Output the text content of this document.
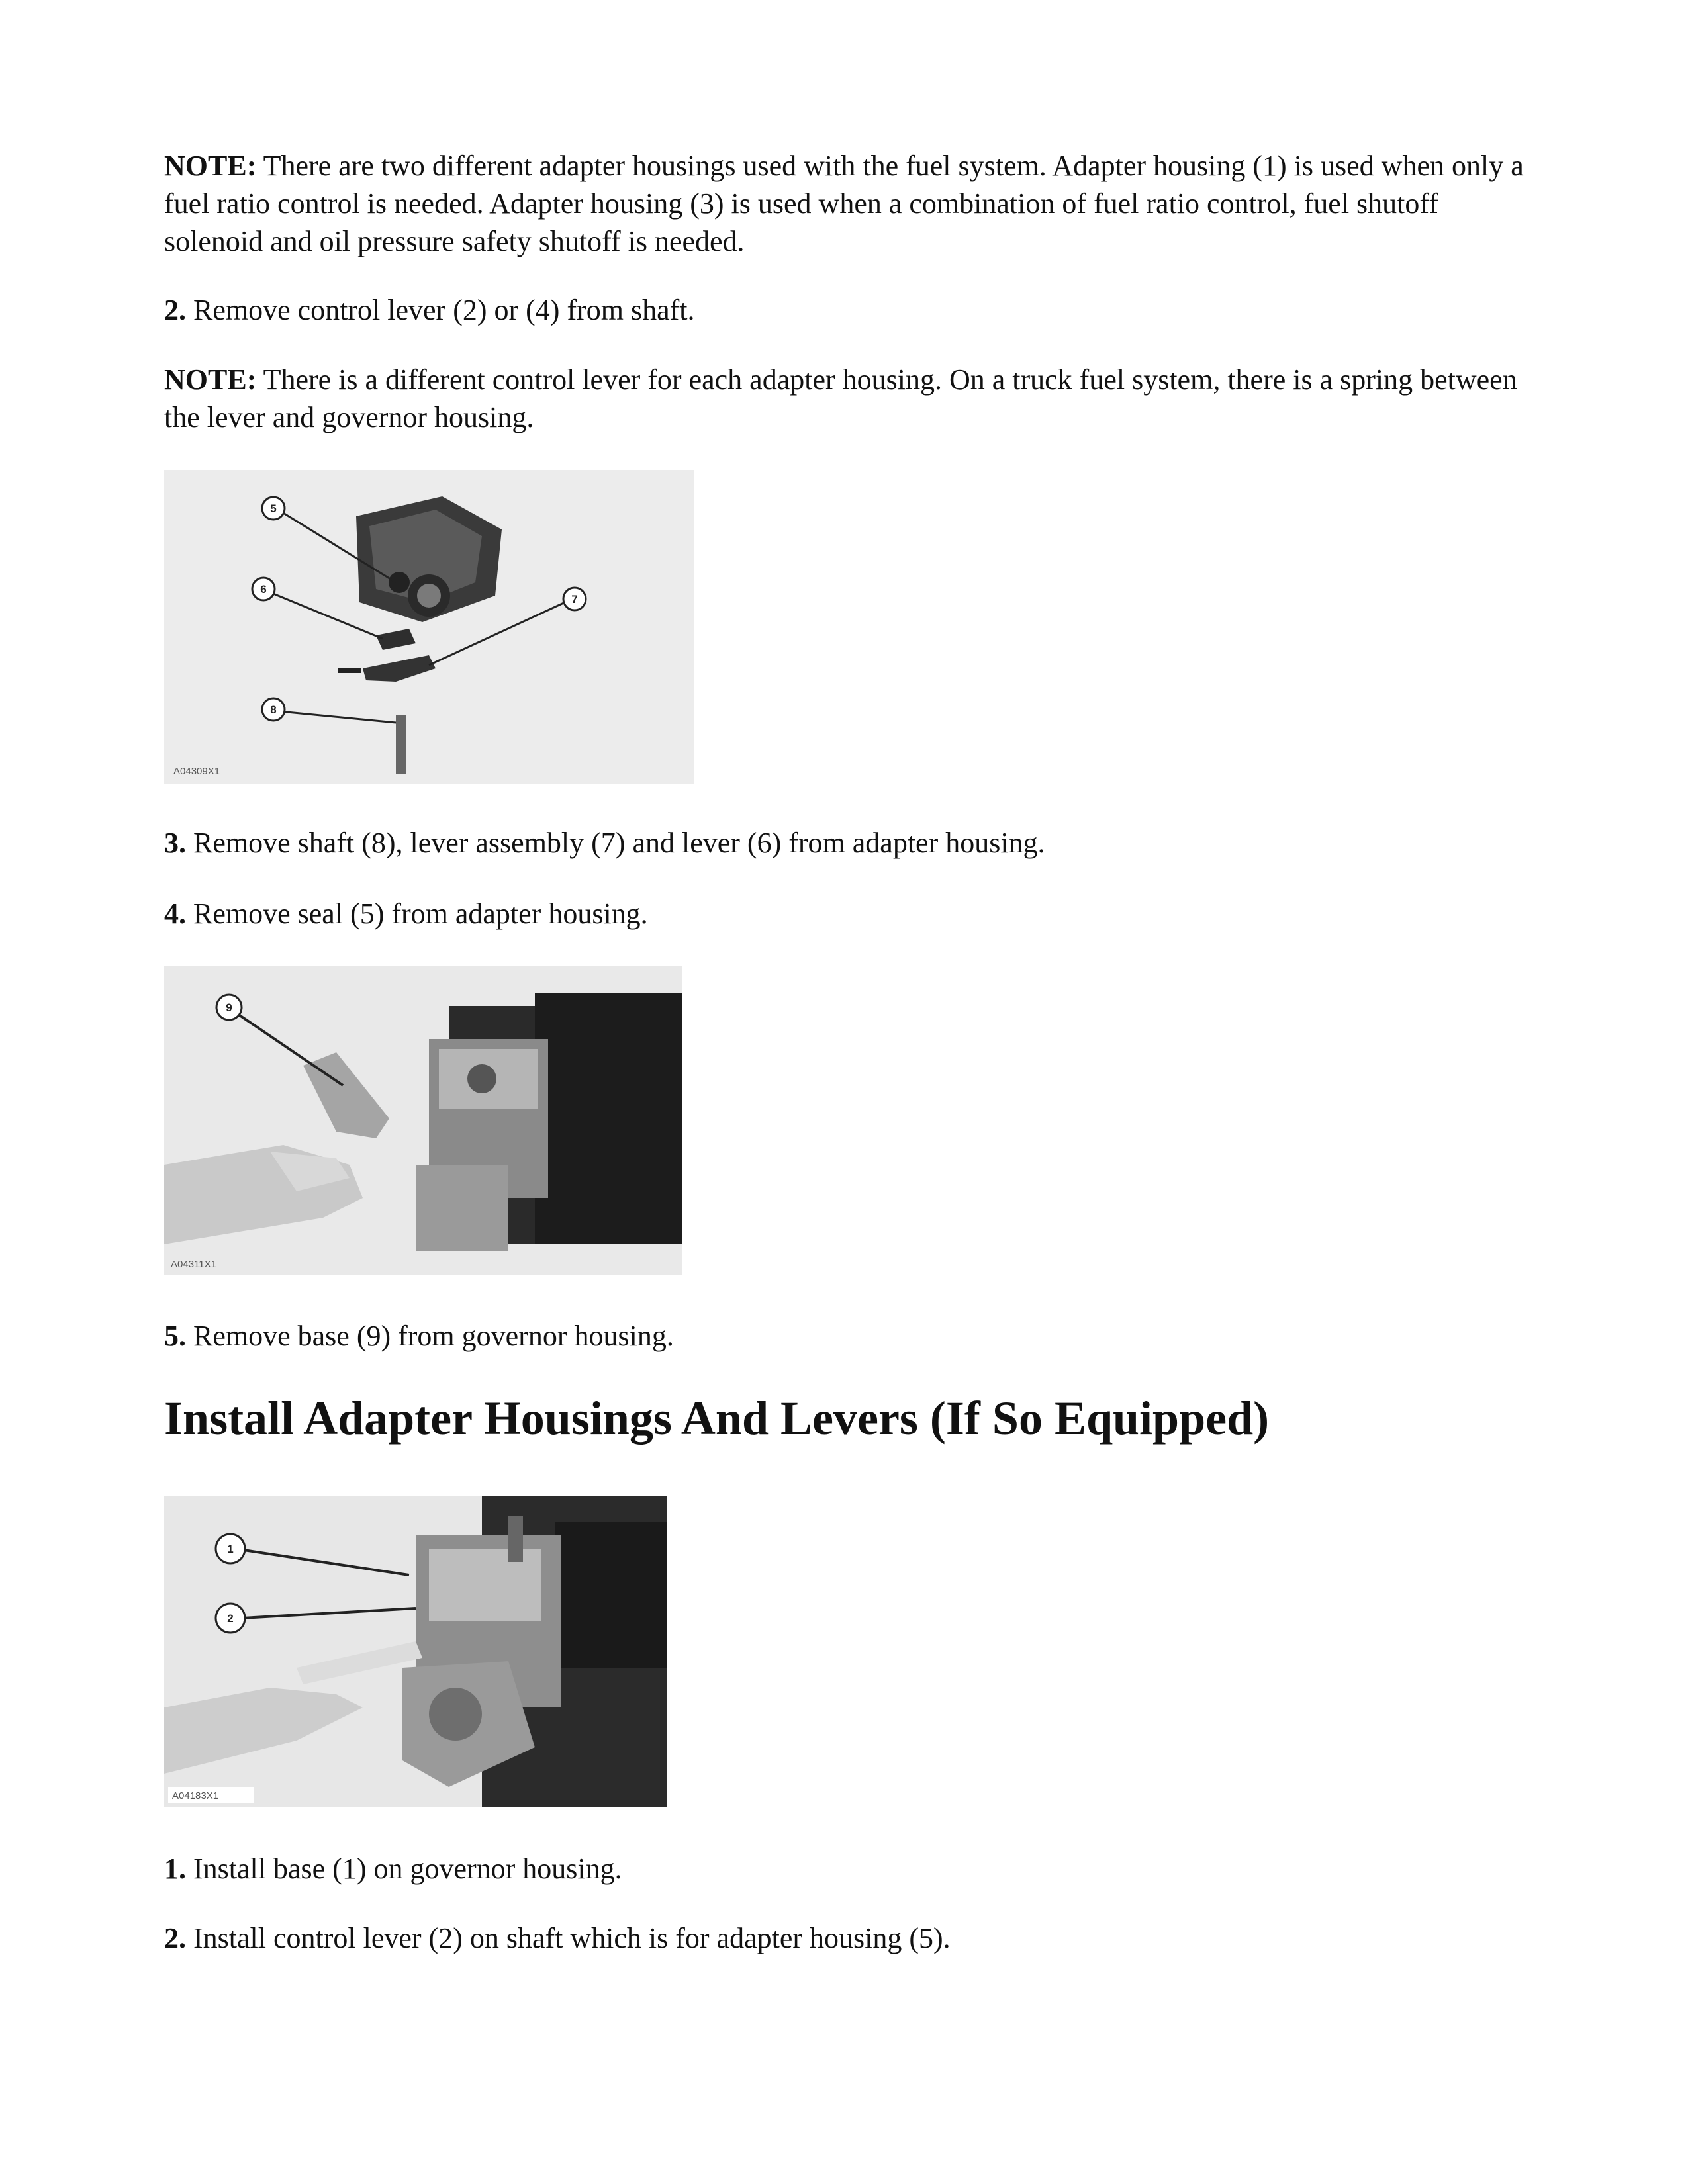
NOTE: There are two different adapter housings used with the fuel system. Adapter housing (1) is used when only a fuel ratio control is needed. Adapter housing (3) is used when a combination of fuel ratio control, fuel shutoff solenoid and oil pressure safety shutoff is needed.

2. Remove control lever (2) or (4) from shaft.

NOTE: There is a different control lever for each adapter housing. On a truck fuel system, there is a spring between the lever and governor housing.

5
6
7
8
A04309X1

3. Remove shaft (8), lever assembly (7) and lever (6) from adapter housing.

4. Remove seal (5) from adapter housing.

9
A04311X1

5. Remove base (9) from governor housing.

Install Adapter Housings And Levers (If So Equipped)
1
2
A04183X1

1. Install base (1) on governor housing.

2. Install control lever (2) on shaft which is for adapter housing (5).
